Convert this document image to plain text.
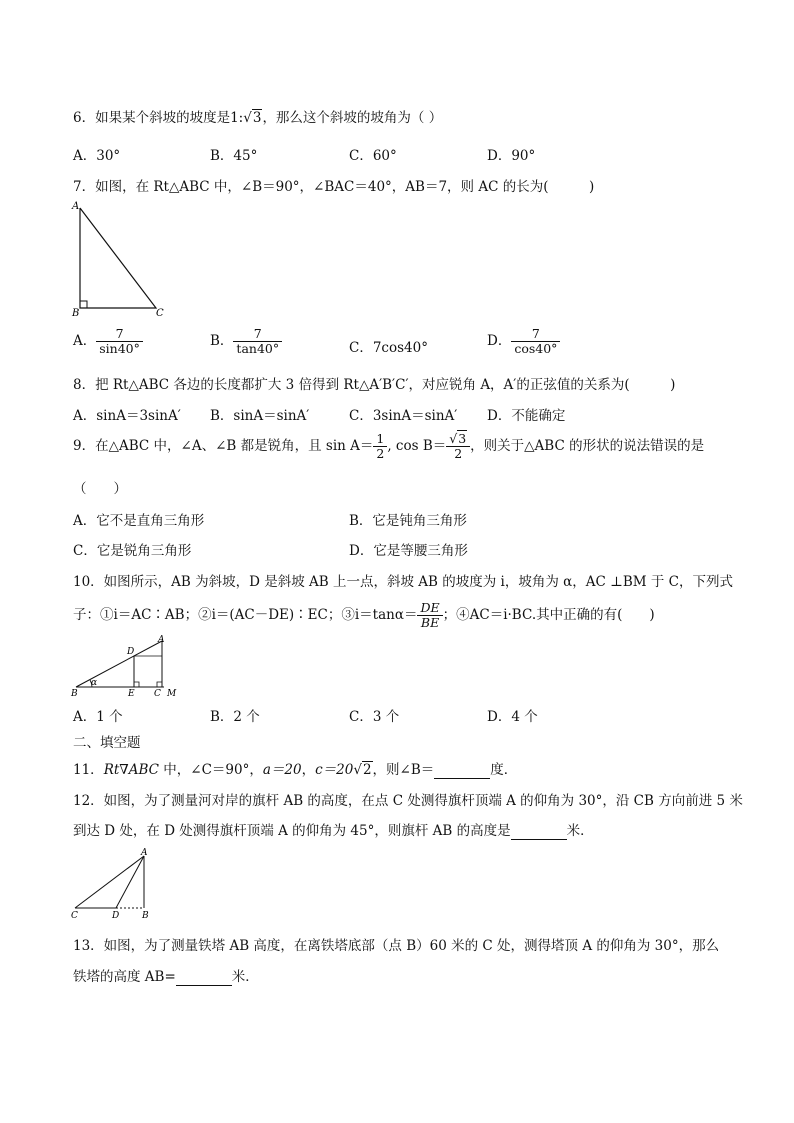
6．如果某个斜坡的坡度是1:√3，那么这个斜坡的坡角为（ ）
A．30°	B．45°	C．60°	D．90°
7．如图，在 Rt△ABC 中，∠B＝90°，∠BAC＝40°，AB＝7，则 AC 的长为(　　　)
A
B	C
A． $\frac{7}{\sin 40^\circ}$	B． $\frac{7}{\tan 40^\circ}$	C．7cos40°	D． $\frac{7}{\cos 40^\circ}$
8．把 Rt△ABC 各边的长度都扩大 3 倍得到 Rt△A′B′C′，对应锐角 A，A′的正弦值的关系为(　　　)
A．sinA＝3sinA′ B．sinA＝sinA′	C．3sinA＝sinA′ D．不能确定
9．在△ABC 中，∠A、∠B 都是锐角，且 $\sin A= \frac{1}{2}$ , $\cos B= \frac{√3}{2}$ ，则关于△ABC 的形状的说法错误的是
（　　）
A．它不是直角三角形	B．它是钝角三角形
C．它是锐角三角形	D．它是等腰三角形
10．如图所示，AB 为斜坡，D 是斜坡 AB 上一点，斜坡 AB 的坡度为 i，坡角为 α，AC ⊥BM 于 C，下列式
子：①i＝AC∶AB；②i＝(AC－DE)∶EC；③i＝tanα＝ $\frac{DE}{BE}$ ；④AC＝i·BC.其中正确的有(　　)
B	E C M
D
A
α
A．1 个	B．2 个	C．3 个	D．4 个
二、填空题
11．Rt∇ABC 中，∠C＝90°，a＝20，c＝20√2，则∠B＝	度．
12．如图，为了测量河对岸的旗杆 AB 的高度，在点 C 处测得旗杆顶端 A 的仰角为 30°，沿 CB 方向前进 5 米
到达 D 处，在 D 处测得旗杆顶端 A 的仰角为 45°，则旗杆 AB 的高度是	米．
A
C	D	B
13．如图，为了测量铁塔 AB 高度，在离铁塔底部（点 B）60 米的 C 处，测得塔顶 A 的仰角为 30°，那么
铁塔的高度 AB=	米．
